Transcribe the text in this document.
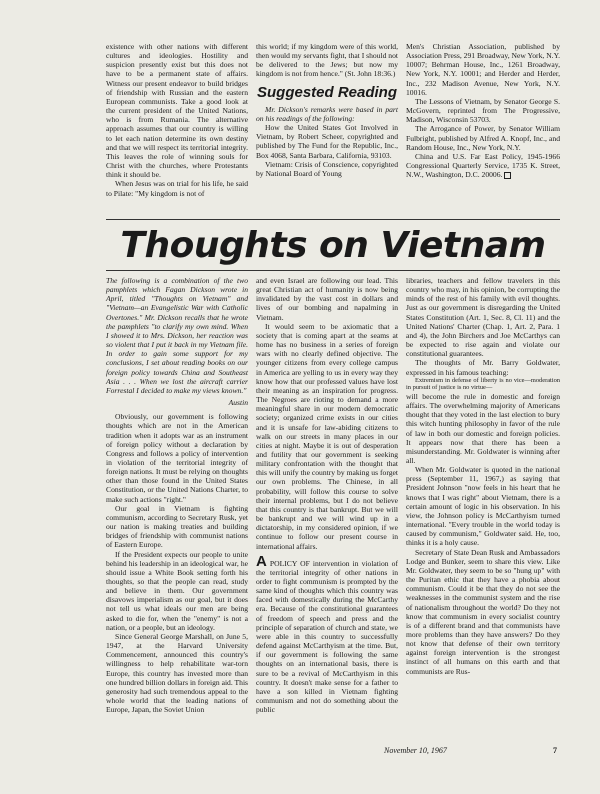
Thoughts on Vietnam

The following is a combination of the two pamphlets which Fagan Dickson wrote in April, titled "Thoughts on Vietnam" and "Vietnam—an Evangelistic War with Catholic Overtones." Mr. Dickson recalls that he wrote the pamphlets "to clarify my own mind. When I showed it to Mrs. Dickson, her reaction was so violent that I put it back in my Vietnam file. In order to gain some support for my conclusions, I set about reading books on our foreign policy towards China and Southeast Asia . . . When we lost the aircraft carrier Forrestal I decided to make my views known."

Austin

Obviously, our government is following thoughts which are not in the American tradition when it adopts war as an instrument of foreign policy without a declaration by Congress and follows a policy of intervention in violation of the territorial integrity of foreign nations. It must be relying on thoughts other than those found in the United States Constitution, or the United Nations Charter, to make such actions "right."

Our goal in Vietnam is fighting communism, according to Secretary Rusk, yet our nation is making treaties and building bridges of friendship with communist nations of Eastern Europe.

If the President expects our people to unite behind his leadership in an ideological war, he should issue a White Book setting forth his thoughts, so that the people can read, study and believe in them. Our government disavows imperialism as our goal, but it does not tell us what ideals our men are being asked to die for, when the "enemy" is not a nation, or a people, but an ideology.

Since General George Marshall, on June 5, 1947, at the Harvard University Commencement, announced this country's willingness to help rehabilitate war-torn Europe, this country has invested more than one hundred billion dollars in foreign aid. This generosity had such tremendous appeal to the whole world that the leading nations of Europe, Japan, the Soviet Union

and even Israel are following our lead. This great Christian act of humanity is now being invalidated by the vast cost in dollars and lives of our bombing and napalming in Vietnam.

It would seem to be axiomatic that a society that is coming apart at the seams at home has no business in a series of foreign wars with no clearly defined objective. The younger citizens from every college campus in America are yelling to us in every way they know how that our professed values have lost their meaning as an inspiration for progress. The Negroes are rioting to demand a more meaningful share in our modern democratic society; organized crime exists in our cities and it is unsafe for law-abiding citizens to walk on our streets in many places in our cities at night. Maybe it is out of desperation and futility that our government is seeking military confrontation with the thought that this will unify the country by making us forget our own problems. The Chinese, in all probability, will follow this course to solve their internal problems, but I do not believe that this country is that bankrupt. But we will be bankrupt and we will wind up in a dictatorship, in my considered opinion, if we continue to follow our present course in international affairs.

A POLICY OF intervention in violation of the territorial integrity of other nations in order to fight communism is prompted by the same kind of thoughts which this country was faced with domestically during the McCarthy era. Because of the constitutional guarantees of freedom of speech and press and the principle of separation of church and state, we were able in this country to successfully defend against McCarthyism at the time. But, if our government is following the same thoughts on an international basis, there is sure to be a revival of McCarthyism in this country. It doesn't make sense for a father to have a son killed in Vietnam fighting communism and not do something about the public

libraries, teachers and fellow travelers in this country who may, in his opinion, be corrupting the minds of the rest of his family with evil thoughts. Just as our government is disregarding the United States Constitution (Art. 1, Sec. 8, Cl. 11) and the United Nations' Charter (Chap. 1, Art. 2, Para. 1 and 4), the John Birchers and Joe McCarthys can be expected to rise again and violate our constitutional guarantees.

The thoughts of Mr. Barry Goldwater, expressed in his famous teaching:

Extremism in defense of liberty is no vice—moderation in pursuit of justice is no virtue—

will become the rule in domestic and foreign affairs. The overwhelming majority of Americans thought that they voted in the last election to bury this witch hunting philosophy in favor of the rule of law in both our domestic and foreign policies. It appears now that there has been a misunderstanding. Mr. Goldwater is winning after all.

When Mr. Goldwater is quoted in the national press (September 11, 1967,) as saying that President Johnson "now feels in his heart that he knows that I was right" about Vietnam, there is a certain amount of logic in his observation. In his view, the Johnson policy is McCarthyism turned international. "Every trouble in the world today is caused by communism," Goldwater said. He, too, thinks it is a holy cause.

Secretary of State Dean Rusk and Ambassadors Lodge and Bunker, seem to share this view. Like Mr. Goldwater, they seem to be so "hung up" with the Puritan ethic that they have a phobia about communism. Could it be that they do not see the weaknesses in the communist system and the rise of nationalism throughout the world? Do they not know that communism in every socialist country is of a different brand and that communists have more problems than they have answers? Do they not know that defense of their own territory against foreign intervention is the strongest instinct of all humans on this earth and that communists are Rus-

November 10, 1967	7

existence with other nations with different cultures and ideologies. Hostility and suspicion presently exist but this does not have to be a permanent state of affairs. Witness our present endeavor to build bridges of friendship with Russian and the eastern European communists. Take a good look at the current president of the United Nations, who is from Rumania. The alternative approach assumes that our country is willing to let each nation determine its own destiny and that we will respect its territorial integrity. This leaves the role of winning souls for Christ with the churches, where Protestants think it should be.

When Jesus was on trial for his life, he said to Pilate: "My kingdom is not of

this world; if my kingdom were of this world, then would my servants fight, that I should not be delivered to the Jews; but now my kingdom is not from hence." (St. John 18:36.)

Suggested Reading

Mr. Dickson's remarks were based in part on his readings of the following:

How the United States Got Involved in Vietnam, by Robert Scheer, copyrighted and published by The Fund for the Republic, Inc., Box 4068, Santa Barbara, California, 93103.

Vietnam: Crisis of Conscience, copyrighted by National Board of Young

Men's Christian Association, published by Association Press, 291 Broadway, New York, N.Y. 10007; Behrman House, Inc., 1261 Broadway, New York, N.Y. 10001; and Herder and Herder, Inc., 232 Madison Avenue, New York, N.Y. 10016.

The Lessons of Vietnam, by Senator George S. McGovern, reprinted from The Progressive, Madison, Wisconsin 53703.

The Arrogance of Power, by Senator William Fulbright, published by Alfred A. Knopf, Inc., and Random House, Inc., New York, N.Y.

China and U.S. Far East Policy, 1945-1966 Congressional Quarterly Service, 1735 K. Street, N.W., Washington, D.C. 20006.
